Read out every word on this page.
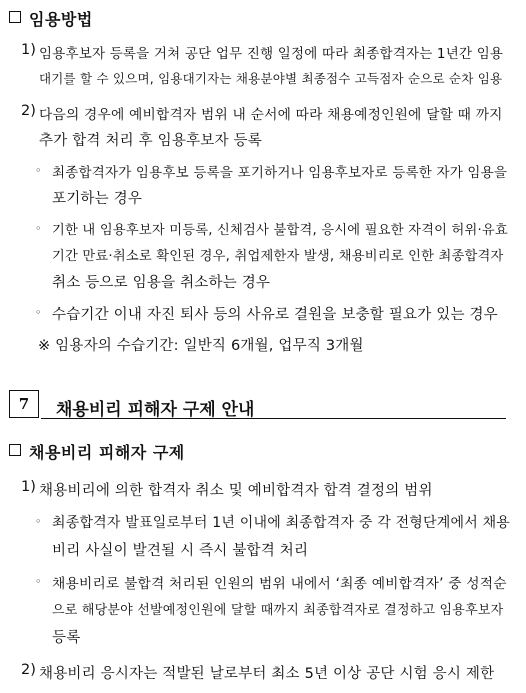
임용방법
1) 임용후보자 등록을 거쳐 공단 업무 진행 일정에 따라 최종합격자는 1년간 임용
대기를 할 수 있으며, 임용대기자는 채용분야별 최종점수 고득점자 순으로 순차 임용
2) 다음의 경우에 예비합격자 범위 내 순서에 따라 채용예정인원에 달할 때 까지
추가 합격 처리 후 임용후보자 등록
◦ 최종합격자가 임용후보 등록을 포기하거나 임용후보자로 등록한 자가 임용을
포기하는 경우
◦ 기한 내 임용후보자 미등록, 신체검사 불합격, 응시에 필요한 자격이 허위·유효
기간 만료·취소로 확인된 경우, 취업제한자 발생, 채용비리로 인한 최종합격자
취소 등으로 임용을 취소하는 경우
◦ 수습기간 이내 자진 퇴사 등의 사유로 결원을 보충할 필요가 있는 경우
※ 임용자의 수습기간: 일반직 6개월, 업무직 3개월
7	채용비리 피해자 구제 안내
채용비리 피해자 구제
1) 채용비리에 의한 합격자 취소 및 예비합격자 합격 결정의 범위
◦ 최종합격자 발표일로부터 1년 이내에 최종합격자 중 각 전형단계에서 채용
비리 사실이 발견될 시 즉시 불합격 처리
◦ 채용비리로 불합격 처리된 인원의 범위 내에서 ‘최종 예비합격자’ 중 성적순
으로 해당분야 선발예정인원에 달할 때까지 최종합격자로 결정하고 임용후보자
등록
2) 채용비리 응시자는 적발된 날로부터 최소 5년 이상 공단 시험 응시 제한
